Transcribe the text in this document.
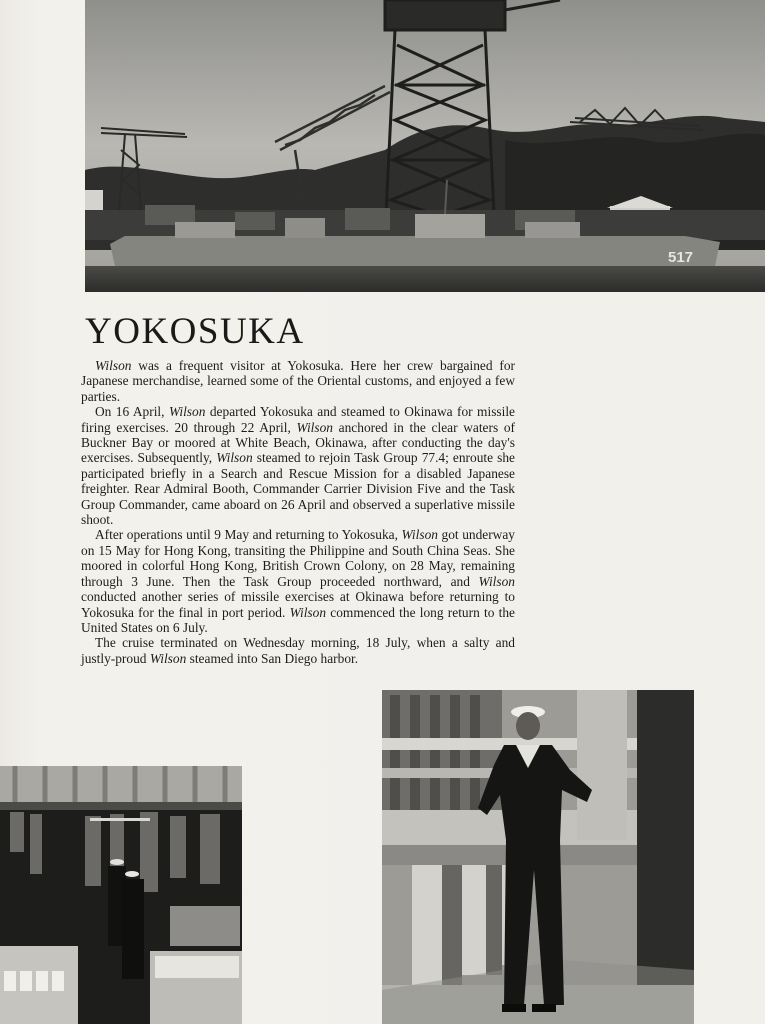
517
YOKOSUKA

Wilson was a frequent visitor at Yokosuka. Here her crew bargained for Japanese merchandise, learned some of the Oriental customs, and enjoyed a few parties.

On 16 April, Wilson departed Yokosuka and steamed to Okinawa for missile firing exercises. 20 through 22 April, Wilson anchored in the clear waters of Buckner Bay or moored at White Beach, Okinawa, after conducting the day's exercises. Subsequently, Wilson steamed to rejoin Task Group 77.4; enroute she participated briefly in a Search and Rescue Mission for a disabled Japanese freighter. Rear Admiral Booth, Commander Carrier Division Five and the Task Group Commander, came aboard on 26 April and observed a superlative missile shoot.

After operations until 9 May and returning to Yokosuka, Wilson got underway on 15 May for Hong Kong, transiting the Philippine and South China Seas. She moored in colorful Hong Kong, British Crown Colony, on 28 May, remaining through 3 June. Then the Task Group proceeded northward, and Wilson conducted another series of missile exercises at Okinawa before returning to Yokosuka for the final in port period. Wilson commenced the long return to the United States on 6 July.

The cruise terminated on Wednesday morning, 18 July, when a salty and justly-proud Wilson steamed into San Diego harbor.
